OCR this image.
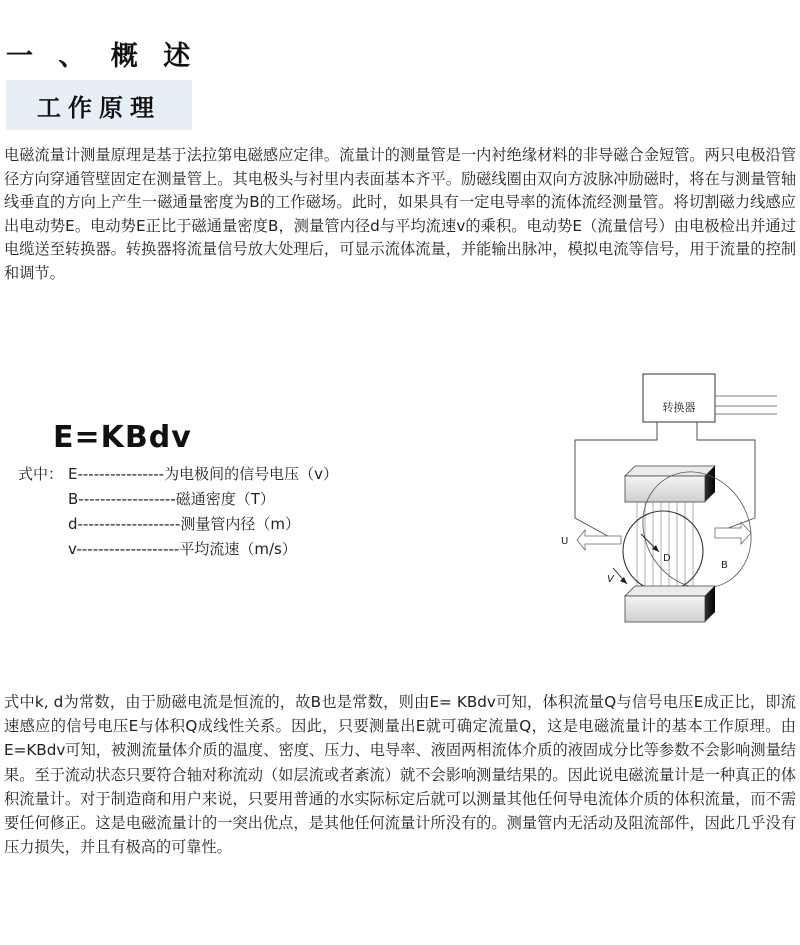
一 、 概 述
工作原理

电磁流量计测量原理是基于法拉第电磁感应定律。流量计的测量管是一内衬绝缘材料的非导磁合金短管。两只电极沿管径方向穿通管壁固定在测量管上。其电极头与衬里内表面基本齐平。励磁线圈由双向方波脉冲励磁时，将在与测量管轴线垂直的方向上产生一磁通量密度为B的工作磁场。此时，如果具有一定电导率的流体流经测量管。将切割磁力线感应出电动势E。电动势E正比于磁通量密度B，测量管内径d与平均流速v的乘积。电动势E（流量信号）由电极检出并通过电缆送至转换器。转换器将流量信号放大处理后，可显示流体流量，并能输出脉冲，模拟电流等信号，用于流量的控制和调节。

E=KBdv
式中： E----------------为电极间的信号电压（v）
B------------------磁通密度（T）
d-------------------测量管内径（m）
v-------------------平均流速（m/s）
转换器
D
V
U
B

式中k, d为常数，由于励磁电流是恒流的，故B也是常数，则由E= KBdv可知，体积流量Q与信号电压E成正比，即流速感应的信号电压E与体积Q成线性关系。因此，只要测量出E就可确定流量Q，这是电磁流量计的基本工作原理。由E=KBdv可知，被测流量体介质的温度、密度、压力、电导率、液固两相流体介质的液固成分比等参数不会影响测量结果。至于流动状态只要符合轴对称流动（如层流或者紊流）就不会影响测量结果的。因此说电磁流量计是一种真正的体积流量计。对于制造商和用户来说，只要用普通的水实际标定后就可以测量其他任何导电流体介质的体积流量，而不需要任何修正。这是电磁流量计的一突出优点，是其他任何流量计所没有的。测量管内无活动及阻流部件，因此几乎没有压力损失，并且有极高的可靠性。
